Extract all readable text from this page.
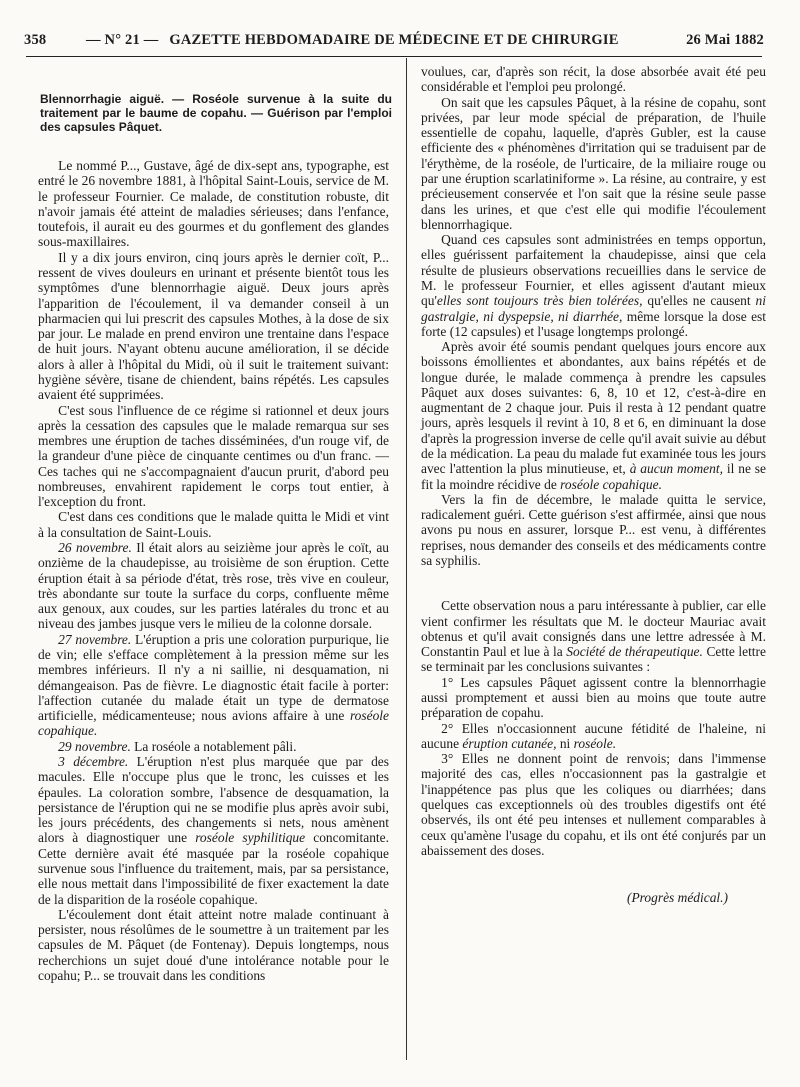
358	— N° 21 — GAZETTE HEBDOMADAIRE DE MÉDECINE ET DE CHIRURGIE	26 Mai 1882
Blennorrhagie aiguë. — Roséole survenue à la suite du traitement par le baume de copahu. — Guérison par l'emploi des capsules Pâquet.

Le nommé P..., Gustave, âgé de dix-sept ans, typographe, est entré le 26 novembre 1881, à l'hôpital Saint-Louis, service de M. le professeur Fournier. Ce malade, de constitution robuste, dit n'avoir jamais été atteint de maladies sérieuses; dans l'enfance, toutefois, il aurait eu des gourmes et du gonflement des glandes sous-maxillaires.

Il y a dix jours environ, cinq jours après le dernier coït, P... ressent de vives douleurs en urinant et présente bientôt tous les symptômes d'une blennorrhagie aiguë. Deux jours après l'apparition de l'écoulement, il va demander conseil à un pharmacien qui lui prescrit des capsules Mothes, à la dose de six par jour. Le malade en prend environ une trentaine dans l'espace de huit jours. N'ayant obtenu aucune amélioration, il se décide alors à aller à l'hôpital du Midi, où il suit le traitement suivant: hygiène sévère, tisane de chiendent, bains répétés. Les capsules avaient été supprimées.

C'est sous l'influence de ce régime si rationnel et deux jours après la cessation des capsules que le malade remarqua sur ses membres une éruption de taches disséminées, d'un rouge vif, de la grandeur d'une pièce de cinquante centimes ou d'un franc. — Ces taches qui ne s'accompagnaient d'aucun prurit, d'abord peu nombreuses, envahirent rapidement le corps tout entier, à l'exception du front.

C'est dans ces conditions que le malade quitta le Midi et vint à la consultation de Saint-Louis.

26 novembre. Il était alors au seizième jour après le coït, au onzième de la chaudepisse, au troisième de son éruption. Cette éruption était à sa période d'état, très rose, très vive en couleur, très abondante sur toute la surface du corps, confluente même aux genoux, aux coudes, sur les parties latérales du tronc et au niveau des jambes jusque vers le milieu de la colonne dorsale.

27 novembre. L'éruption a pris une coloration purpurique, lie de vin; elle s'efface complètement à la pression même sur les membres inférieurs. Il n'y a ni saillie, ni desquamation, ni démangeaison. Pas de fièvre. Le diagnostic était facile à porter: l'affection cutanée du malade était un type de dermatose artificielle, médicamenteuse; nous avions affaire à une roséole copahique.

29 novembre. La roséole a notablement pâli.

3 décembre. L'éruption n'est plus marquée que par des macules. Elle n'occupe plus que le tronc, les cuisses et les épaules. La coloration sombre, l'absence de desquamation, la persistance de l'éruption qui ne se modifie plus après avoir subi, les jours précédents, des changements si nets, nous amènent alors à diagnostiquer une roséole syphilitique concomitante. Cette dernière avait été masquée par la roséole copahique survenue sous l'influence du traitement, mais, par sa persistance, elle nous mettait dans l'impossibilité de fixer exactement la date de la disparition de la roséole copahique.

L'écoulement dont était atteint notre malade continuant à persister, nous résolûmes de le soumettre à un traitement par les capsules de M. Pâquet (de Fontenay). Depuis longtemps, nous recherchions un sujet doué d'une intolérance notable pour le copahu; P... se trouvait dans les conditions

voulues, car, d'après son récit, la dose absorbée avait été peu considérable et l'emploi peu prolongé.

On sait que les capsules Pâquet, à la résine de copahu, sont privées, par leur mode spécial de préparation, de l'huile essentielle de copahu, laquelle, d'après Gubler, est la cause efficiente des « phénomènes d'irritation qui se traduisent par de l'érythème, de la roséole, de l'urticaire, de la miliaire rouge ou par une éruption scarlatiniforme ». La résine, au contraire, y est précieusement conservée et l'on sait que la résine seule passe dans les urines, et que c'est elle qui modifie l'écoulement blennorrhagique.

Quand ces capsules sont administrées en temps opportun, elles guérissent parfaitement la chaudepisse, ainsi que cela résulte de plusieurs observations recueillies dans le service de M. le professeur Fournier, et elles agissent d'autant mieux qu'elles sont toujours très bien tolérées, qu'elles ne causent ni gastralgie, ni dyspepsie, ni diarrhée, même lorsque la dose est forte (12 capsules) et l'usage longtemps prolongé.

Après avoir été soumis pendant quelques jours encore aux boissons émollientes et abondantes, aux bains répétés et de longue durée, le malade commença à prendre les capsules Pâquet aux doses suivantes: 6, 8, 10 et 12, c'est-à-dire en augmentant de 2 chaque jour. Puis il resta à 12 pendant quatre jours, après lesquels il revint à 10, 8 et 6, en diminuant la dose d'après la progression inverse de celle qu'il avait suivie au début de la médication. La peau du malade fut examinée tous les jours avec l'attention la plus minutieuse, et, à aucun moment, il ne se fit la moindre récidive de roséole copahique.

Vers la fin de décembre, le malade quitta le service, radicalement guéri. Cette guérison s'est affirmée, ainsi que nous avons pu nous en assurer, lorsque P... est venu, à différentes reprises, nous demander des conseils et des médicaments contre sa syphilis.

Cette observation nous a paru intéressante à publier, car elle vient confirmer les résultats que M. le docteur Mauriac avait obtenus et qu'il avait consignés dans une lettre adressée à M. Constantin Paul et lue à la Société de thérapeutique. Cette lettre se terminait par les conclusions suivantes :

1° Les capsules Pâquet agissent contre la blennorrhagie aussi promptement et aussi bien au moins que toute autre préparation de copahu.

2° Elles n'occasionnent aucune fétidité de l'haleine, ni aucune éruption cutanée, ni roséole.

3° Elles ne donnent point de renvois; dans l'immense majorité des cas, elles n'occasionnent pas la gastralgie et l'inappétence pas plus que les coliques ou diarrhées; dans quelques cas exceptionnels où des troubles digestifs ont été observés, ils ont été peu intenses et nullement comparables à ceux qu'amène l'usage du copahu, et ils ont été conjurés par un abaissement des doses.

(Progrès médical.)
